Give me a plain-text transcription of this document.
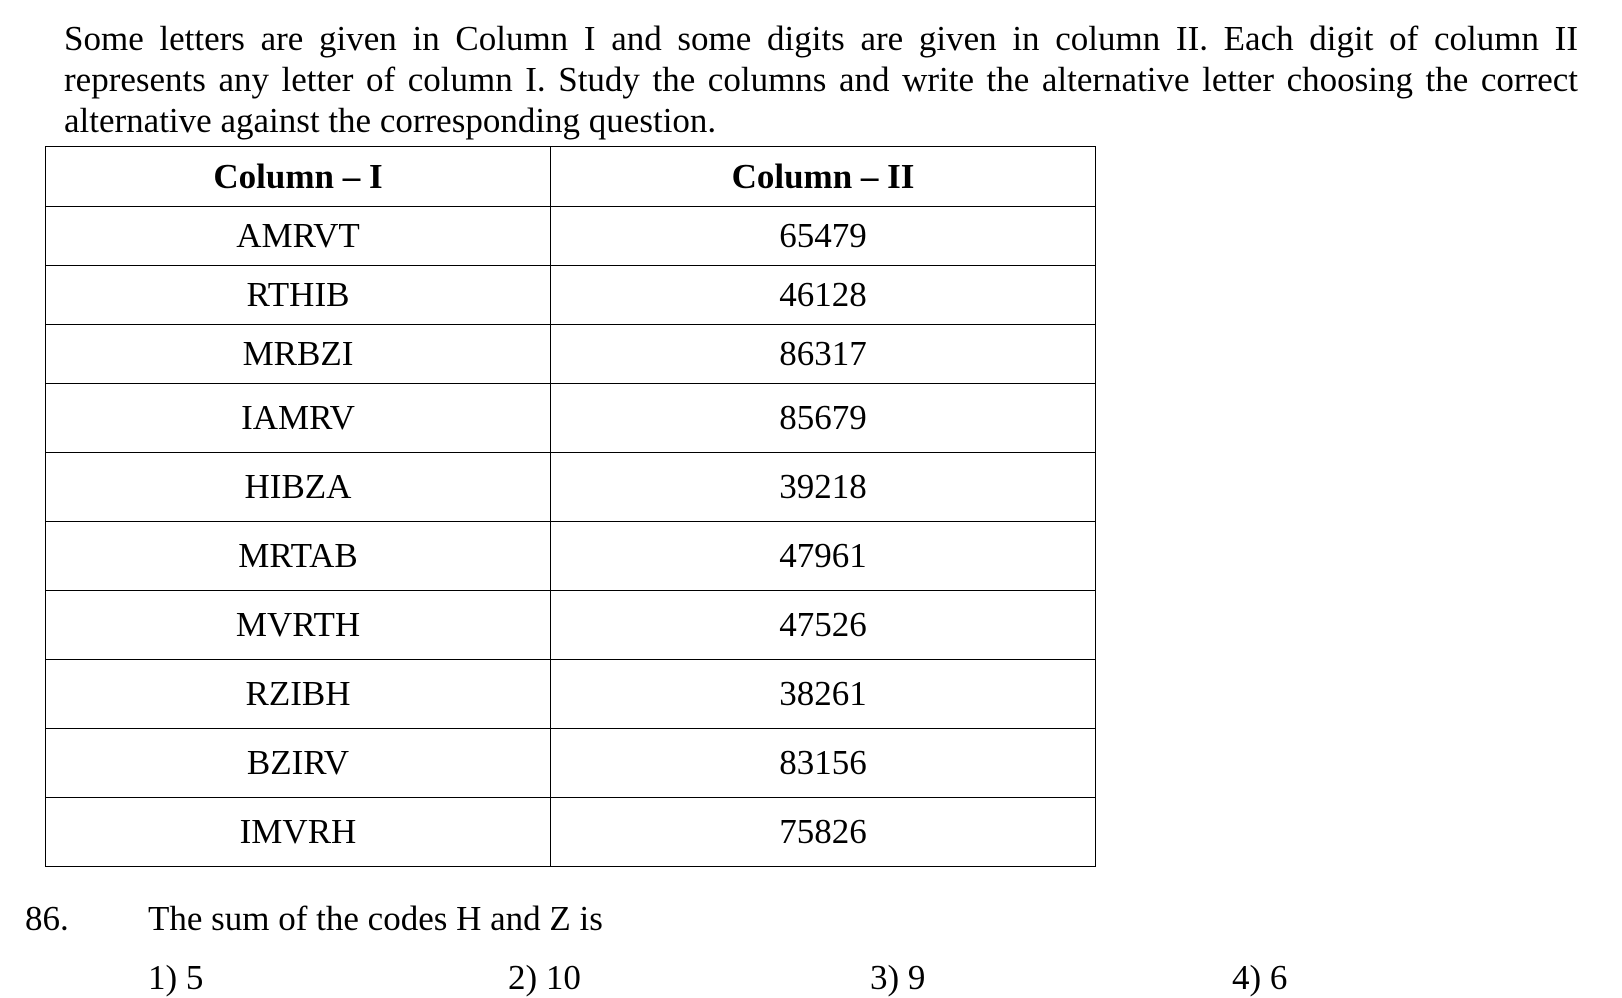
Some letters are given in Column I and some digits are given in column II. Each digit of column II represents any letter of column I. Study the columns and write the alternative letter choosing the correct alternative against the corresponding question.

Column – I	Column – II
AMRVT	65479
RTHIB	46128
MRBZI	86317
IAMRV	85679
HIBZA	39218
MRTAB	47961
MVRTH	47526
RZIBH	38261
BZIRV	83156
IMVRH	75826
86. The sum of the codes H and Z is
1) 5	2) 10	3) 9	4) 6
